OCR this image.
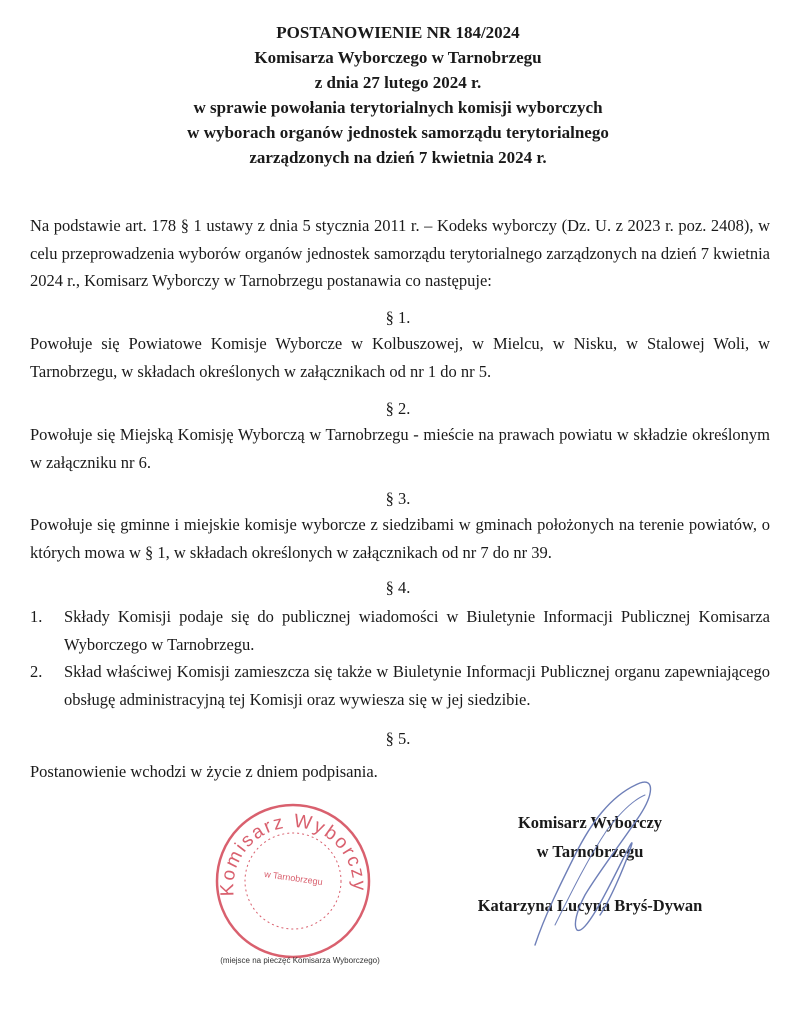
POSTANOWIENIE NR 184/2024
Komisarza Wyborczego w Tarnobrzegu
z dnia 27 lutego 2024 r.
w sprawie powołania terytorialnych komisji wyborczych
w wyborach organów jednostek samorządu terytorialnego
zarządzonych na dzień 7 kwietnia 2024 r.
Na podstawie art. 178 § 1 ustawy z dnia 5 stycznia 2011 r. – Kodeks wyborczy (Dz. U. z 2023 r. poz. 2408), w celu przeprowadzenia wyborów organów jednostek samorządu terytorialnego zarządzonych na dzień 7 kwietnia 2024 r., Komisarz Wyborczy w Tarnobrzegu postanawia co następuje:
§ 1.
Powołuje się Powiatowe Komisje Wyborcze w Kolbuszowej, w Mielcu, w Nisku, w Stalowej Woli, w Tarnobrzegu, w składach określonych w załącznikach od nr 1 do nr 5.
§ 2.
Powołuje się Miejską Komisję Wyborczą w Tarnobrzegu - mieście na prawach powiatu w składzie określonym w załączniku nr 6.
§ 3.
Powołuje się gminne i miejskie komisje wyborcze z siedzibami w gminach położonych na terenie powiatów, o których mowa w § 1, w składach określonych w załącznikach od nr 7 do nr 39.
§ 4.
1. Składy Komisji podaje się do publicznej wiadomości w Biuletynie Informacji Publicznej Komisarza Wyborczego w Tarnobrzegu.
2. Skład właściwej Komisji zamieszcza się także w Biuletynie Informacji Publicznej organu zapewniającego obsługę administracyjną tej Komisji oraz wywiesza się w jej siedzibie.
§ 5.
Postanowienie wchodzi w życie z dniem podpisania.
Komisarz Wyborczy
w Tarnobrzegu
(miejsce na pieczęć Komisarza Wyborczego)
Komisarz Wyborczy
w Tarnobrzegu
Katarzyna Lucyna Bryś-Dywan
